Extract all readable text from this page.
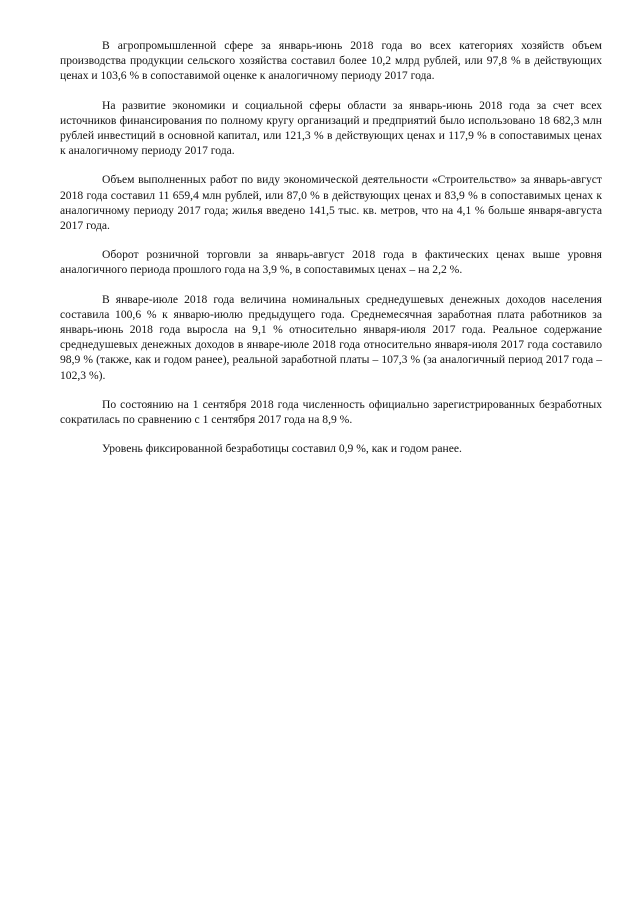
В агропромышленной сфере за январь-июнь 2018 года во всех категориях хозяйств объем производства продукции сельского хозяйства составил более 10,2 млрд рублей, или 97,8 % в действующих ценах и 103,6 % в сопоставимой оценке к аналогичному периоду 2017 года.

На развитие экономики и социальной сферы области за январь-июнь 2018 года за счет всех источников финансирования по полному кругу организаций и предприятий было использовано 18 682,3 млн рублей инвестиций в основной капитал, или 121,3 % в действующих ценах и 117,9 % в сопоставимых ценах к аналогичному периоду 2017 года.

Объем выполненных работ по виду экономической деятельности «Строительство» за январь-август 2018 года составил 11 659,4 млн рублей, или 87,0 % в действующих ценах и 83,9 % в сопоставимых ценах к аналогичному периоду 2017 года; жилья введено 141,5 тыс. кв. метров, что на 4,1 % больше января-августа 2017 года.

Оборот розничной торговли за январь-август 2018 года в фактических ценах выше уровня аналогичного периода прошлого года на 3,9 %, в сопоставимых ценах – на 2,2 %.

В январе-июле 2018 года величина номинальных среднедушевых денежных доходов населения составила 100,6 % к январю-июлю предыдущего года. Среднемесячная заработная плата работников за январь-июнь 2018 года выросла на 9,1 % относительно января-июля 2017 года. Реальное содержание среднедушевых денежных доходов в январе-июле 2018 года относительно января-июля 2017 года составило 98,9 % (также, как и годом ранее), реальной заработной платы – 107,3 % (за аналогичный период 2017 года – 102,3 %).

По состоянию на 1 сентября 2018 года численность официально зарегистрированных безработных сократилась по сравнению с 1 сентября 2017 года на 8,9 %.

Уровень фиксированной безработицы составил 0,9 %, как и годом ранее.
